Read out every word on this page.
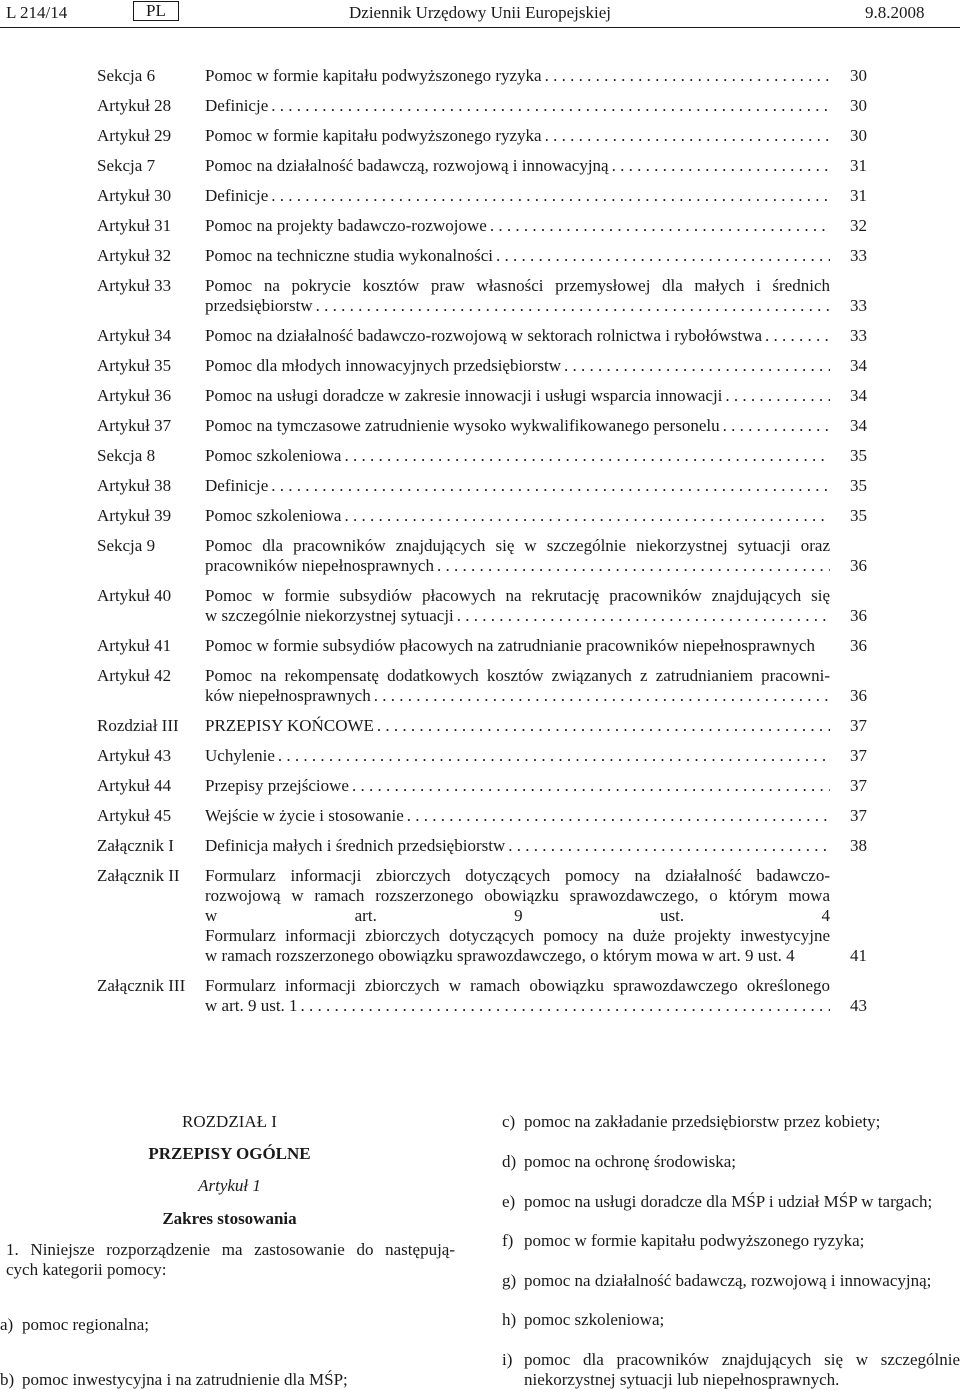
L 214/14	PL	Dziennik Urzędowy Unii Europejskiej	9.8.2008
Sekcja 6	Pomoc w formie kapitału podwyższonego ryzyka . . .	30
Artykuł 28	Definicje . . .	30
Artykuł 29	Pomoc w formie kapitału podwyższonego ryzyka . . .	30
Sekcja 7	Pomoc na działalność badawczą, rozwojową i innowacyjną . . .	31
Artykuł 30	Definicje . . .	31
Artykuł 31	Pomoc na projekty badawczo-rozwojowe . . .	32
Artykuł 32	Pomoc na techniczne studia wykonalności . . .	33
Artykuł 33	Pomoc na pokrycie kosztów praw własności przemysłowej dla małych i średnich
przedsiębiorstw . . .	33
Artykuł 34	Pomoc na działalność badawczo-rozwojową w sektorach rolnictwa i rybołówstwa . . .	33
Artykuł 35	Pomoc dla młodych innowacyjnych przedsiębiorstw . . .	34
Artykuł 36	Pomoc na usługi doradcze w zakresie innowacji i usługi wsparcia innowacji . . .	34
Artykuł 37	Pomoc na tymczasowe zatrudnienie wysoko wykwalifikowanego personelu . . .	34
Sekcja 8	Pomoc szkoleniowa . . .	35
Artykuł 38	Definicje . . .	35
Artykuł 39	Pomoc szkoleniowa . . .	35
Sekcja 9	Pomoc dla pracowników znajdujących się w szczególnie niekorzystnej sytuacji oraz
pracowników niepełnosprawnych . . .	36
Artykuł 40	Pomoc w formie subsydiów płacowych na rekrutację pracowników znajdujących się
w szczególnie niekorzystnej sytuacji . . .	36
Artykuł 41	Pomoc w formie subsydiów płacowych na zatrudnianie pracowników niepełnosprawnych	36
Artykuł 42	Pomoc na rekompensatę dodatkowych kosztów związanych z zatrudnianiem pracowni-
ków niepełnosprawnych . . .	36
Rozdział III	PRZEPISY KOŃCOWE . . .	37
Artykuł 43	Uchylenie . . .	37
Artykuł 44	Przepisy przejściowe . . .	37
Artykuł 45	Wejście w życie i stosowanie . . .	37
Załącznik I	Definicja małych i średnich przedsiębiorstw . . .	38
Załącznik II	Formularz informacji zbiorczych dotyczących pomocy na działalność badawczo-
rozwojową w ramach rozszerzonego obowiązku sprawozdawczego, o którym mowa
w art. 9 ust. 4
Formularz informacji zbiorczych dotyczących pomocy na duże projekty inwestycyjne
w ramach rozszerzonego obowiązku sprawozdawczego, o którym mowa w art. 9 ust. 4	41
Załącznik III	Formularz informacji zbiorczych w ramach obowiązku sprawozdawczego określonego
w art. 9 ust. 1 . . .	43
ROZDZIAŁ I
PRZEPISY OGÓLNE
Artykuł 1
Zakres stosowania
1. Niniejsze rozporządzenie ma zastosowanie do następują-
cych kategorii pomocy:
a) pomoc regionalna;
b) pomoc inwestycyjna i na zatrudnienie dla MŚP;
c) pomoc na zakładanie przedsiębiorstw przez kobiety;
d) pomoc na ochronę środowiska;
e) pomoc na usługi doradcze dla MŚP i udział MŚP w targach;
f) pomoc w formie kapitału podwyższonego ryzyka;
g) pomoc na działalność badawczą, rozwojową i innowacyjną;
h) pomoc szkoleniowa;
i) pomoc dla pracowników znajdujących się w szczególnie niekorzystnej sytuacji lub niepełnosprawnych.
